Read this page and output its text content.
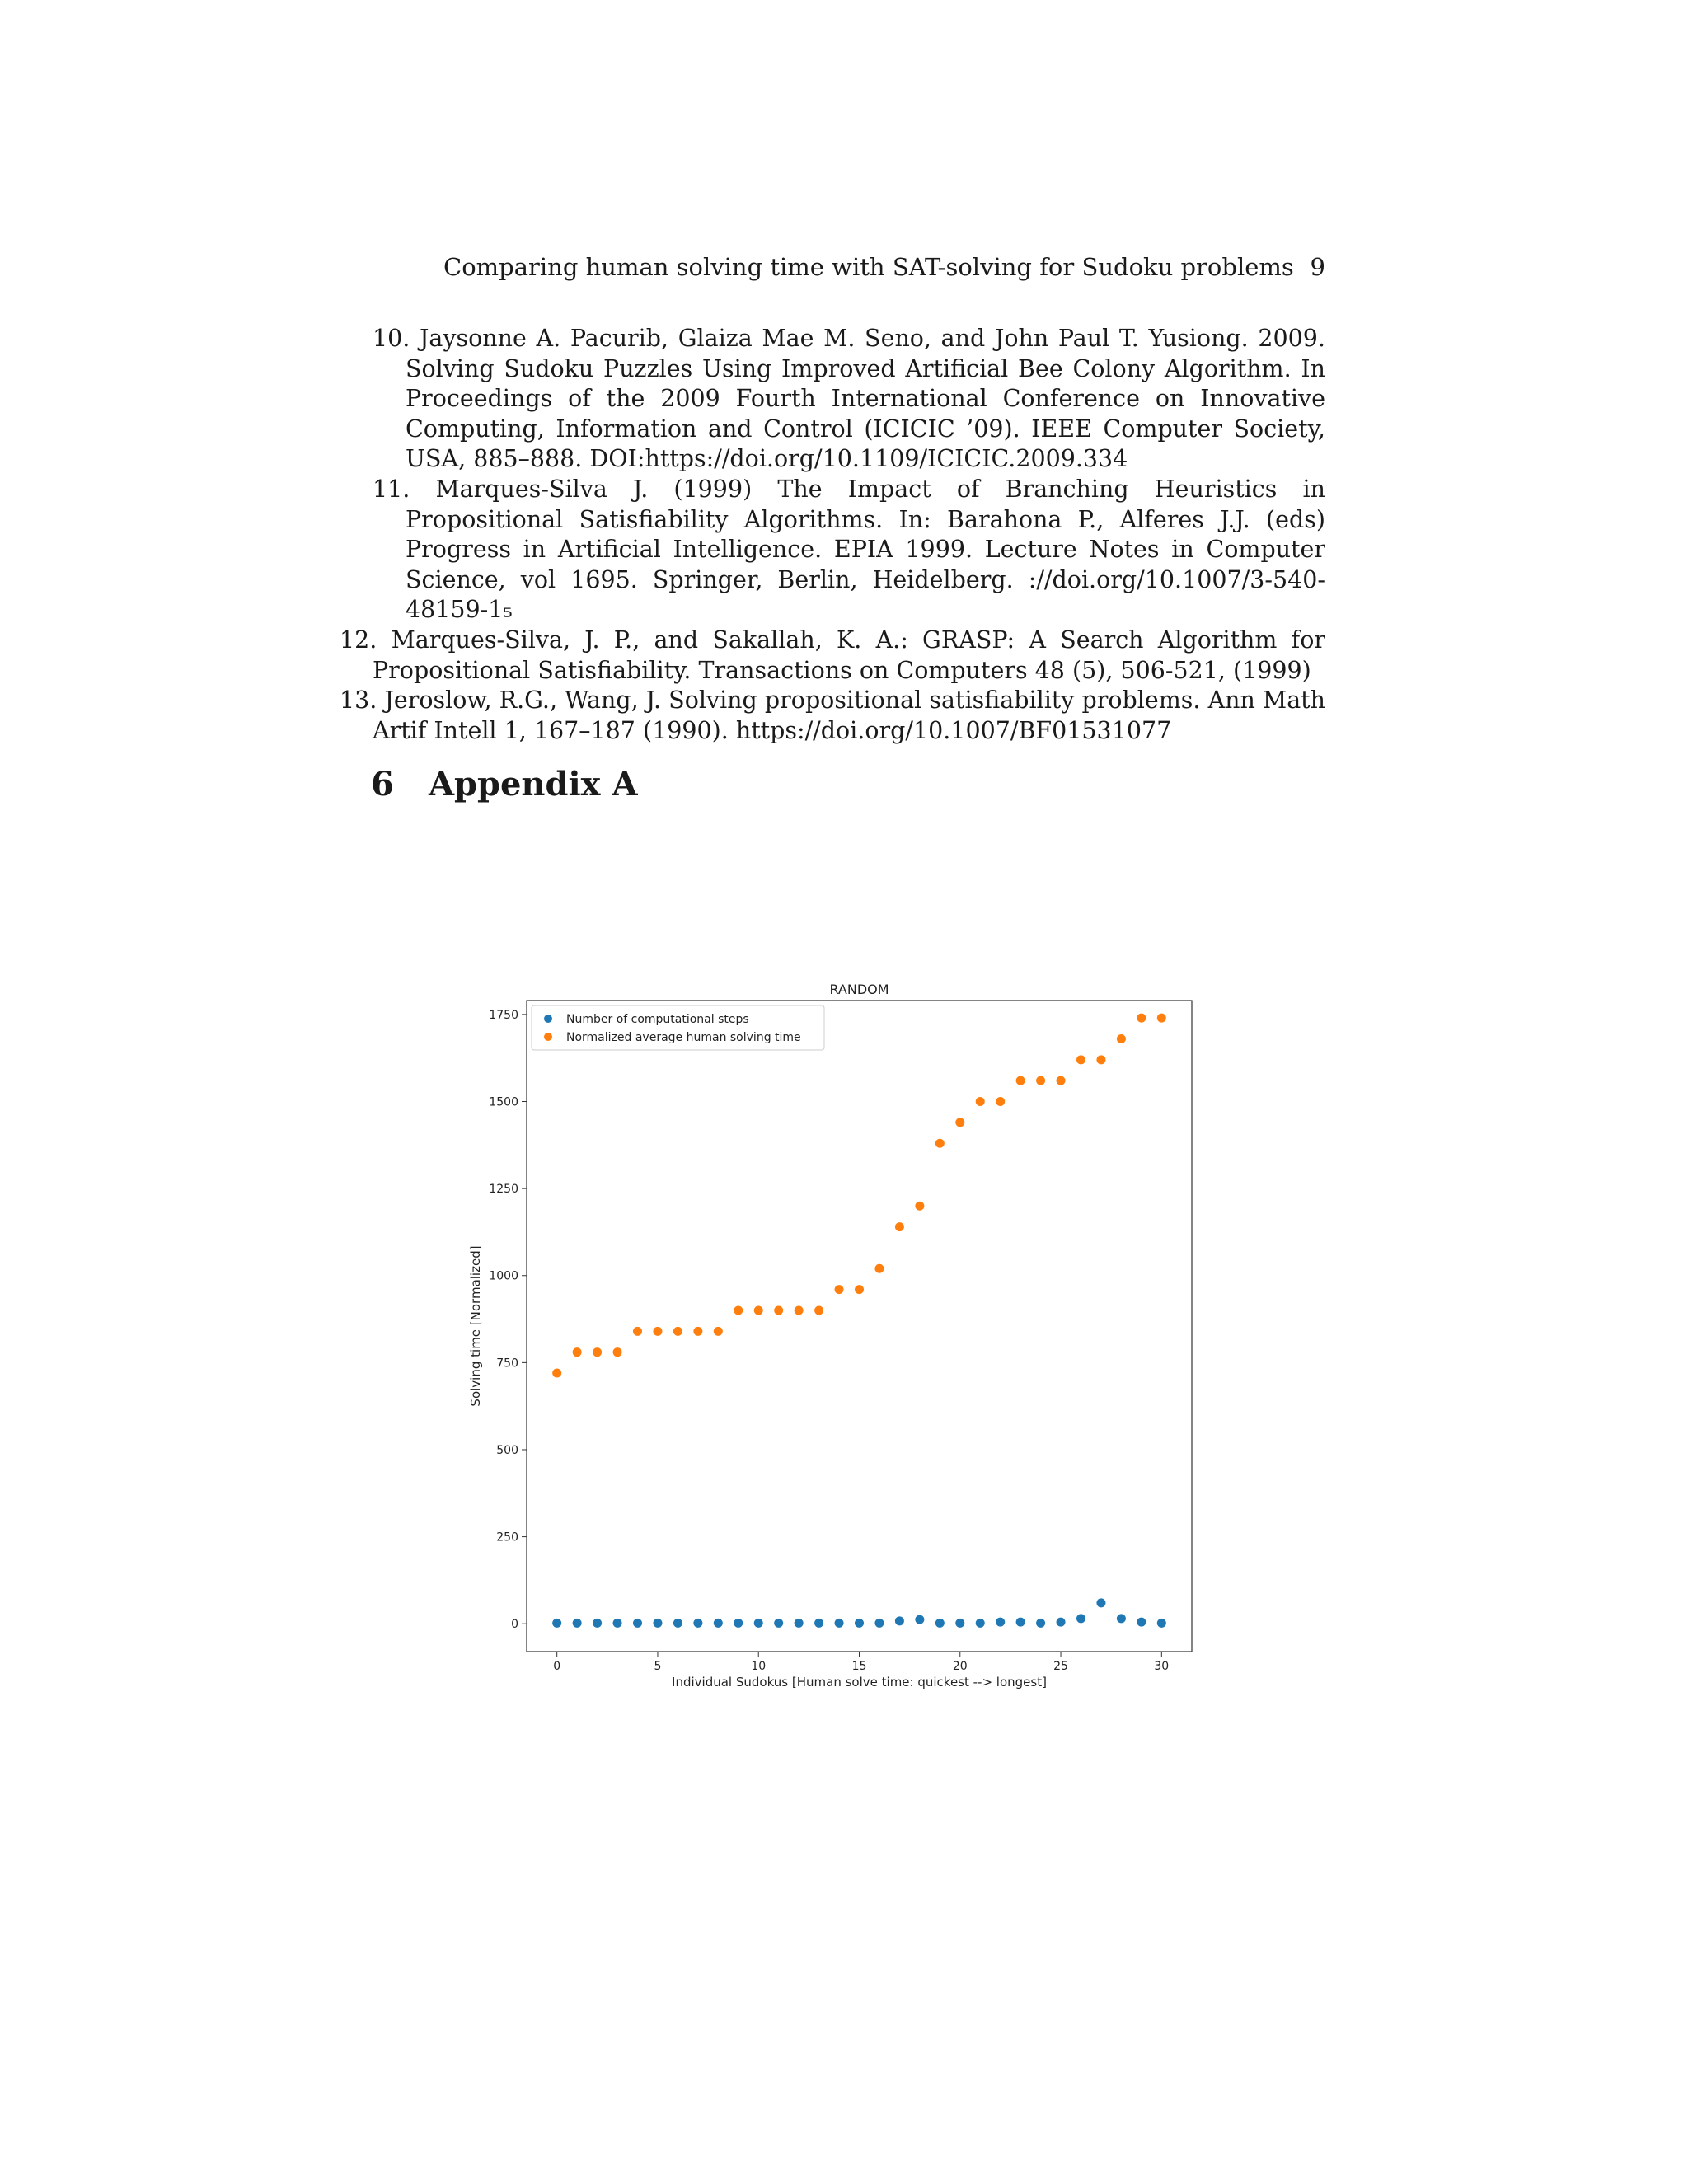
Comparing human solving time with SAT-solving for Sudoku problems 9
10. Jaysonne A. Pacurib, Glaiza Mae M. Seno, and John Paul T. Yusiong. 2009. Solving Sudoku Puzzles Using Improved Artificial Bee Colony Algorithm. In Proceedings of the 2009 Fourth International Conference on Innovative Computing, Information and Control (ICICIC ’09). IEEE Computer Society, USA, 885–888. DOI:https://doi.org/10.1109/ICICIC.2009.334
11. Marques-Silva J. (1999) The Impact of Branching Heuristics in Propositional Satisfiability Algorithms. In: Barahona P., Alferes J.J. (eds) Progress in Artificial Intelligence. EPIA 1999. Lecture Notes in Computer Science, vol 1695. Springer, Berlin, Heidelberg. ://doi.org/10.1007/3-540-48159-1₅
12. Marques-Silva, J. P., and Sakallah, K. A.: GRASP: A Search Algorithm for Propositional Satisfiability. Transactions on Computers 48 (5), 506-521, (1999)
13. Jeroslow, R.G., Wang, J. Solving propositional satisfiability problems. Ann Math Artif Intell 1, 167–187 (1990). https://doi.org/10.1007/BF01531077
6 Appendix A
RANDOM
0	5	10	15	20	25	30
0
250
500
750
1000
1250
1500
1750
Individual Sudokus [Human solve time: quickest --> longest]
Solving time [Normalized]
Number of computational steps
Normalized average human solving time
